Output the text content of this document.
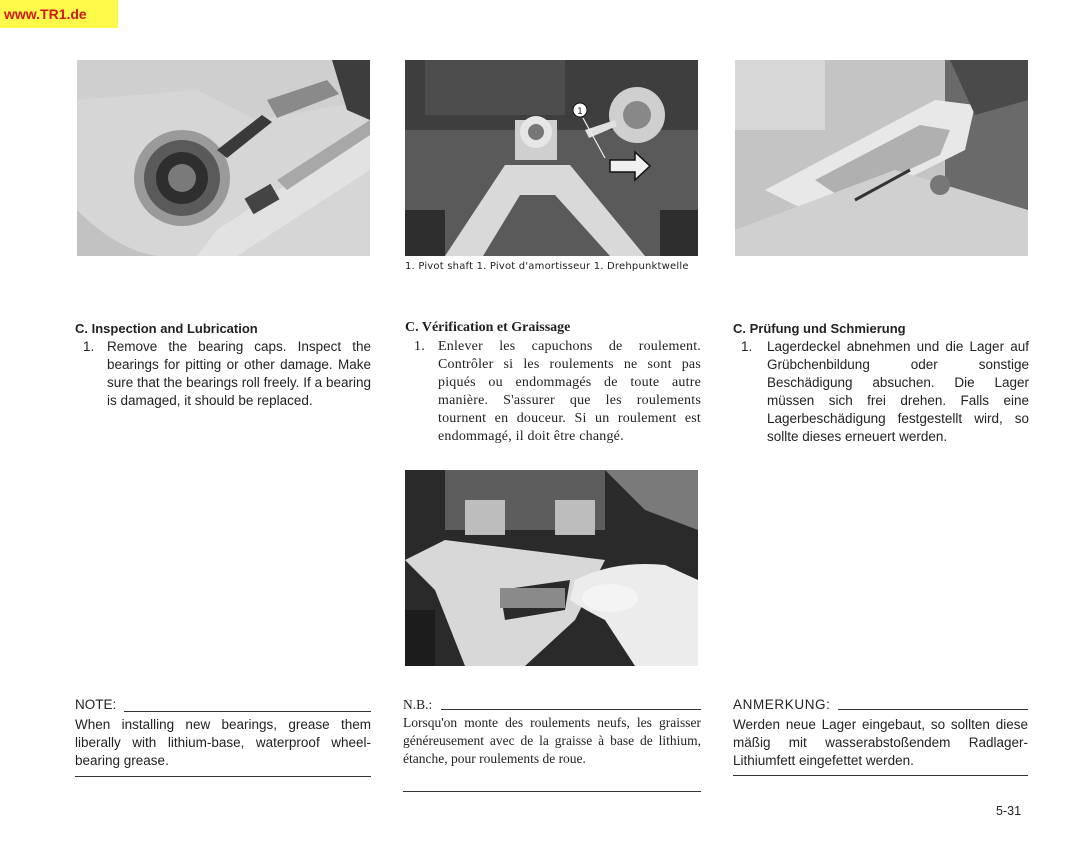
www.TR1.de
1
1. Pivot shaft 1. Pivot d'amortisseur 1. Drehpunktwelle
C. Inspection and Lubrication
1. Remove the bearing caps. Inspect the bearings for pitting or other damage. Make sure that the bearings roll freely. If a bearing is damaged, it should be replaced.
C. Vérification et Graissage
1. Enlever les capuchons de roulement. Contrôler si les roulements ne sont pas piqués ou endommagés de toute autre manière. S'assurer que les roulements tournent en douceur. Si un roulement est endommagé, il doit être changé.
C. Prüfung und Schmierung
1. Lagerdeckel abnehmen und die Lager auf Grübchenbildung oder sonstige Beschädigung absuchen. Die Lager müssen sich frei drehen. Falls eine Lagerbeschädigung festgestellt wird, so sollte dieses erneuert werden.
NOTE:
When installing new bearings, grease them liberally with lithium-base, waterproof wheel-bearing grease.
N.B.:
Lorsqu'on monte des roulements neufs, les graisser généreusement avec de la graisse à base de lithium, étanche, pour roulements de roue.
ANMERKUNG:
Werden neue Lager eingebaut, so sollten diese mäßig mit wasserabstoßendem Radlager-Lithiumfett eingefettet werden.
5-31
